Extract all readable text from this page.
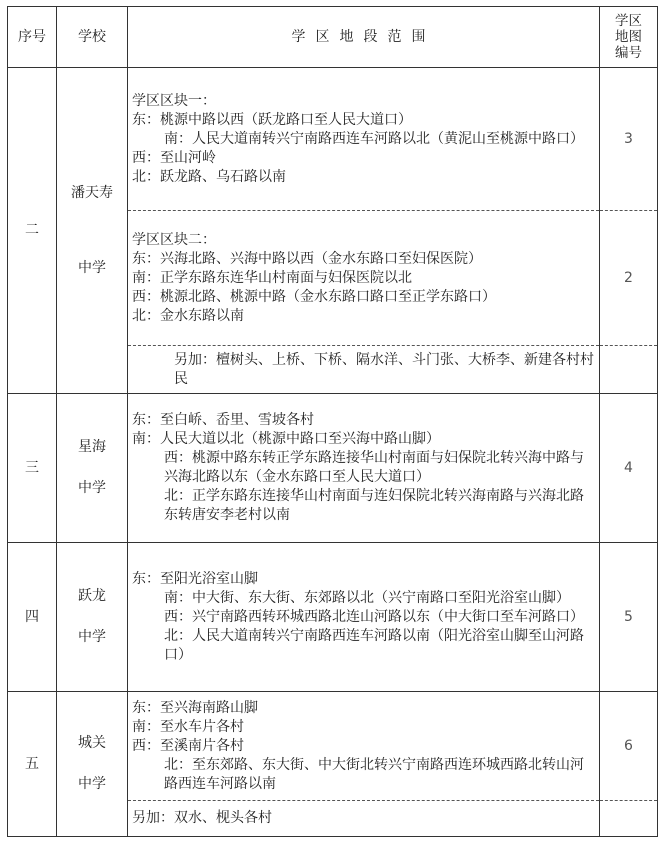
序号	学校	学区地段范围	学区
地图
编号

二	潘天寿
中学	学区区块一：
东：桃源中路以西（跃龙路口至人民大道口）
南：人民大道南转兴宁南路西连车河路以北（黄泥山至桃源中路口）
西：至山河岭
北：跃龙路、乌石路以南	3

		学区区块二：
东：兴海北路、兴海中路以西（金水东路口至妇保医院）
南：正学东路东连华山村南面与妇保医院以北
西：桃源北路、桃源中路（金水东路口路口至正学东路口）
北：金水东路以南	2
		另加：檀树头、上桥、下桥、隔水洋、斗门张、大桥李、新建各村村民	
三	星海
中学	东：至白峤、岙里、雪坡各村
南：人民大道以北（桃源中路口至兴海中路山脚）
西：桃源中路东转正学东路连接华山村南面与妇保院北转兴海中路与兴海北路以东（金水东路口至人民大道口）
北：正学东路东连接华山村南面与连妇保院北转兴海南路与兴海北路东转唐安李老村以南	4
四	跃龙
中学	东：至阳光浴室山脚
南：中大街、东大街、东郊路以北（兴宁南路口至阳光浴室山脚）
西：兴宁南路西转环城西路北连山河路以东（中大街口至车河路口）
北：人民大道南转兴宁南路西连车河路以南（阳光浴室山脚至山河路口）	5
五	城关
中学	东：至兴海南路山脚
南：至水车片各村
西：至溪南片各村
北：至东郊路、东大街、中大街北转兴宁南路西连环城西路北转山河路西连车河路以南	6
		另加：双水、枧头各村	
